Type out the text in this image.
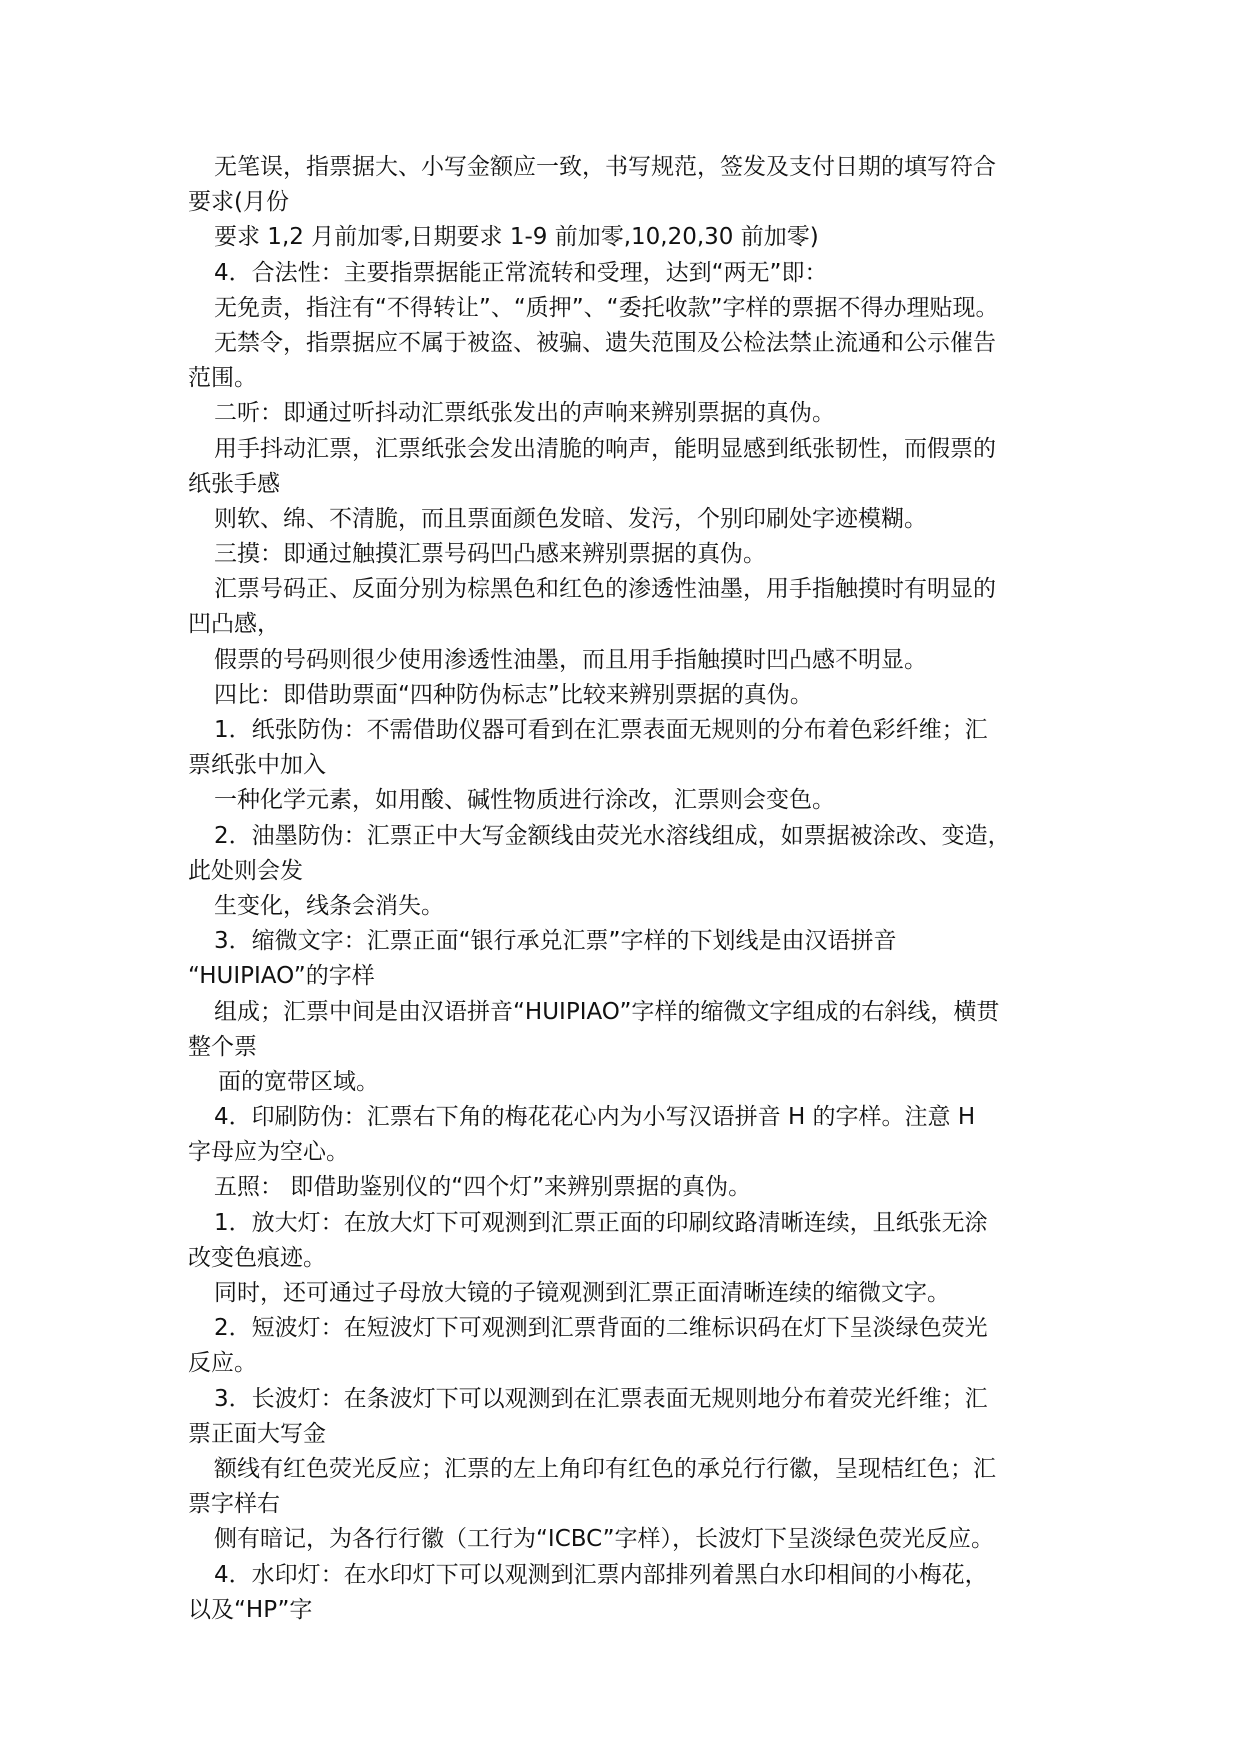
无笔误，指票据大、小写金额应一致，书写规范，签发及支付日期的填写符合
要求(月份
要求 1,2 月前加零,日期要求 1-9 前加零,10,20,30 前加零)
4．合法性：主要指票据能正常流转和受理，达到“两无”即：
无免责，指注有“不得转让”、“质押”、“委托收款”字样的票据不得办理贴现。
无禁令，指票据应不属于被盗、被骗、遗失范围及公检法禁止流通和公示催告
范围。
二听：即通过听抖动汇票纸张发出的声响来辨别票据的真伪。
用手抖动汇票，汇票纸张会发出清脆的响声，能明显感到纸张韧性，而假票的
纸张手感
则软、绵、不清脆，而且票面颜色发暗、发污，个别印刷处字迹模糊。
三摸：即通过触摸汇票号码凹凸感来辨别票据的真伪。
汇票号码正、反面分别为棕黑色和红色的渗透性油墨，用手指触摸时有明显的
凹凸感，
假票的号码则很少使用渗透性油墨，而且用手指触摸时凹凸感不明显。
四比：即借助票面“四种防伪标志”比较来辨别票据的真伪。
1．纸张防伪：不需借助仪器可看到在汇票表面无规则的分布着色彩纤维；汇
票纸张中加入
一种化学元素，如用酸、碱性物质进行涂改，汇票则会变色。
2．油墨防伪：汇票正中大写金额线由荧光水溶线组成，如票据被涂改、变造，
此处则会发
生变化，线条会消失。
3．缩微文字：汇票正面“银行承兑汇票”字样的下划线是由汉语拼音
“HUIPIAO”的字样
组成；汇票中间是由汉语拼音“HUIPIAO”字样的缩微文字组成的右斜线，横贯
整个票
面的宽带区域。
4．印刷防伪：汇票右下角的梅花花心内为小写汉语拼音 H 的字样。注意 H
字母应为空心。
五照： 即借助鉴别仪的“四个灯”来辨别票据的真伪。
1．放大灯：在放大灯下可观测到汇票正面的印刷纹路清晰连续，且纸张无涂
改变色痕迹。
同时，还可通过子母放大镜的子镜观测到汇票正面清晰连续的缩微文字。
2．短波灯：在短波灯下可观测到汇票背面的二维标识码在灯下呈淡绿色荧光
反应。
3．长波灯：在条波灯下可以观测到在汇票表面无规则地分布着荧光纤维；汇
票正面大写金
额线有红色荧光反应；汇票的左上角印有红色的承兑行行徽，呈现桔红色；汇
票字样右
侧有暗记，为各行行徽（工行为“ICBC”字样），长波灯下呈淡绿色荧光反应。
4．水印灯：在水印灯下可以观测到汇票内部排列着黑白水印相间的小梅花，
以及“HP”字
